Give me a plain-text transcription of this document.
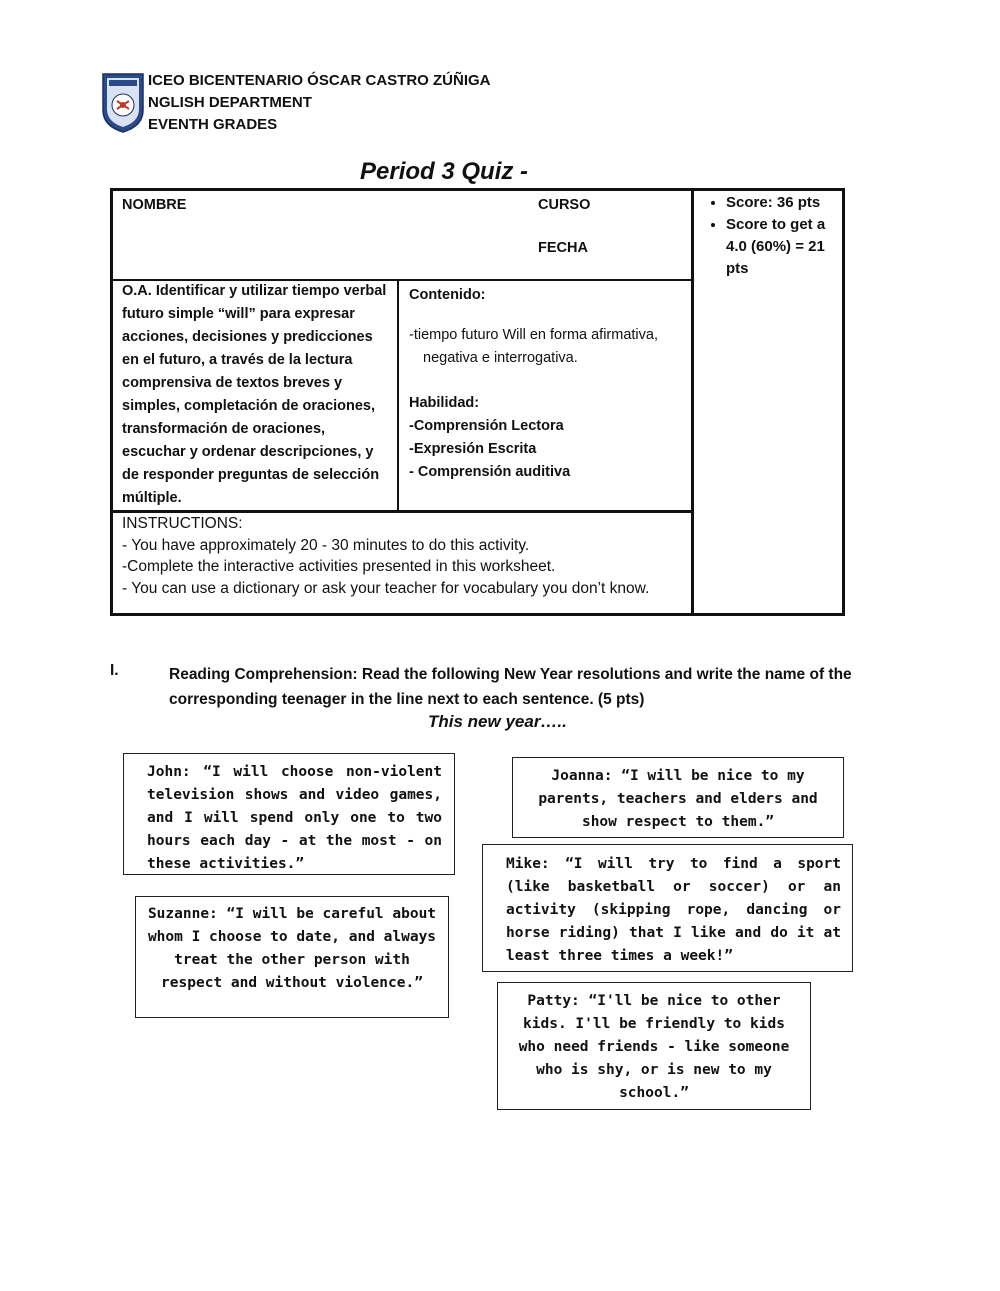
ICEO BICENTENARIO ÓSCAR CASTRO ZÚÑIGA
NGLISH DEPARTMENT
EVENTH GRADES
Period 3 Quiz -
NOMBRE	CURSO
FECHA
• Score: 36 pts
• Score to get a 4.0 (60%) = 21 pts
O.A. Identificar y utilizar tiempo verbal futuro simple “will” para expresar acciones, decisiones y predicciones en el futuro, a través de la lectura comprensiva de textos breves y simples, completación de oraciones, transformación de oraciones, escuchar y ordenar descripciones, y de responder preguntas de selección múltiple.
Contenido:
-tiempo futuro Will en forma afirmativa,
negativa e interrogativa.
Habilidad:
-Comprensión Lectora
-Expresión Escrita
- Comprensión auditiva
INSTRUCTIONS:
- You have approximately 20 - 30 minutes to do this activity.
-Complete the interactive activities presented in this worksheet.
- You can use a dictionary or ask your teacher for vocabulary you don’t know.
I.	Reading Comprehension: Read the following New Year resolutions and write the name of the corresponding teenager in the line next to each sentence. (5 pts)
This new year…..

John: “I will choose non-violent television shows and video games, and I will spend only one to two hours each day - at the most - on these activities.”

Joanna: “I will be nice to my parents, teachers and elders and show respect to them.”

Mike: “I will try to find a sport (like basketball or soccer) or an activity (skipping rope, dancing or horse riding) that I like and do it at least three times a week!”

Suzanne: “I will be careful about whom I choose to date, and always treat the other person with respect and without violence.”

Patty: “I'll be nice to other kids. I'll be friendly to kids who need friends - like someone who is shy, or is new to my school.”
